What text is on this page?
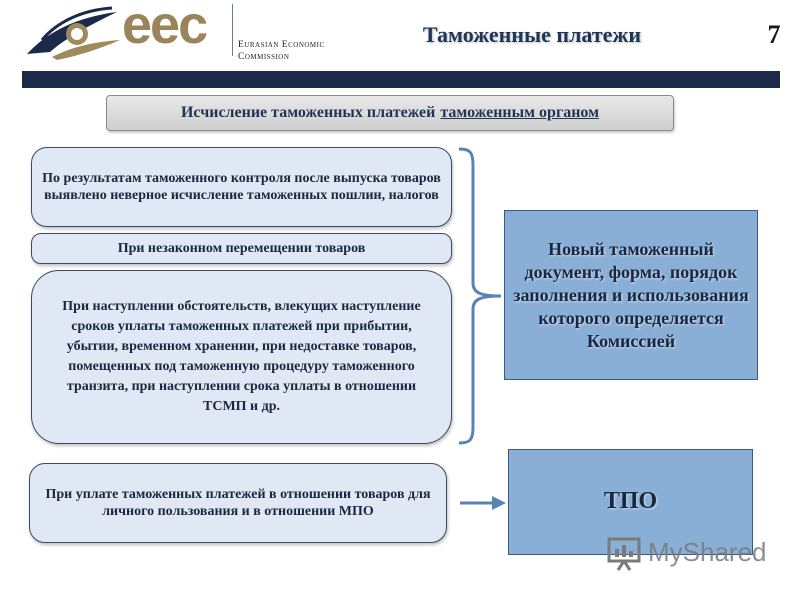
eec	Eurasian Economic
Commission
Таможенные платежи	7
Исчисление таможенных платежей таможенным органом
По результатам таможенного контроля после выпуска товаров выявлено неверное исчисление таможенных пошлин, налогов
При незаконном перемещении товаров
При наступлении обстоятельств, влекущих наступление сроков уплаты таможенных платежей при прибытии, убытии, временном хранении, при недоставке товаров, помещенных под таможенную процедуру таможенного транзита, при наступлении срока уплаты в отношении ТСМП и др.
При уплате таможенных платежей в отношении товаров для личного пользования и в отношении МПО
Новый таможенный документ, форма, порядок заполнения и использования которого определяется Комиссией
ТПО
MyShared
